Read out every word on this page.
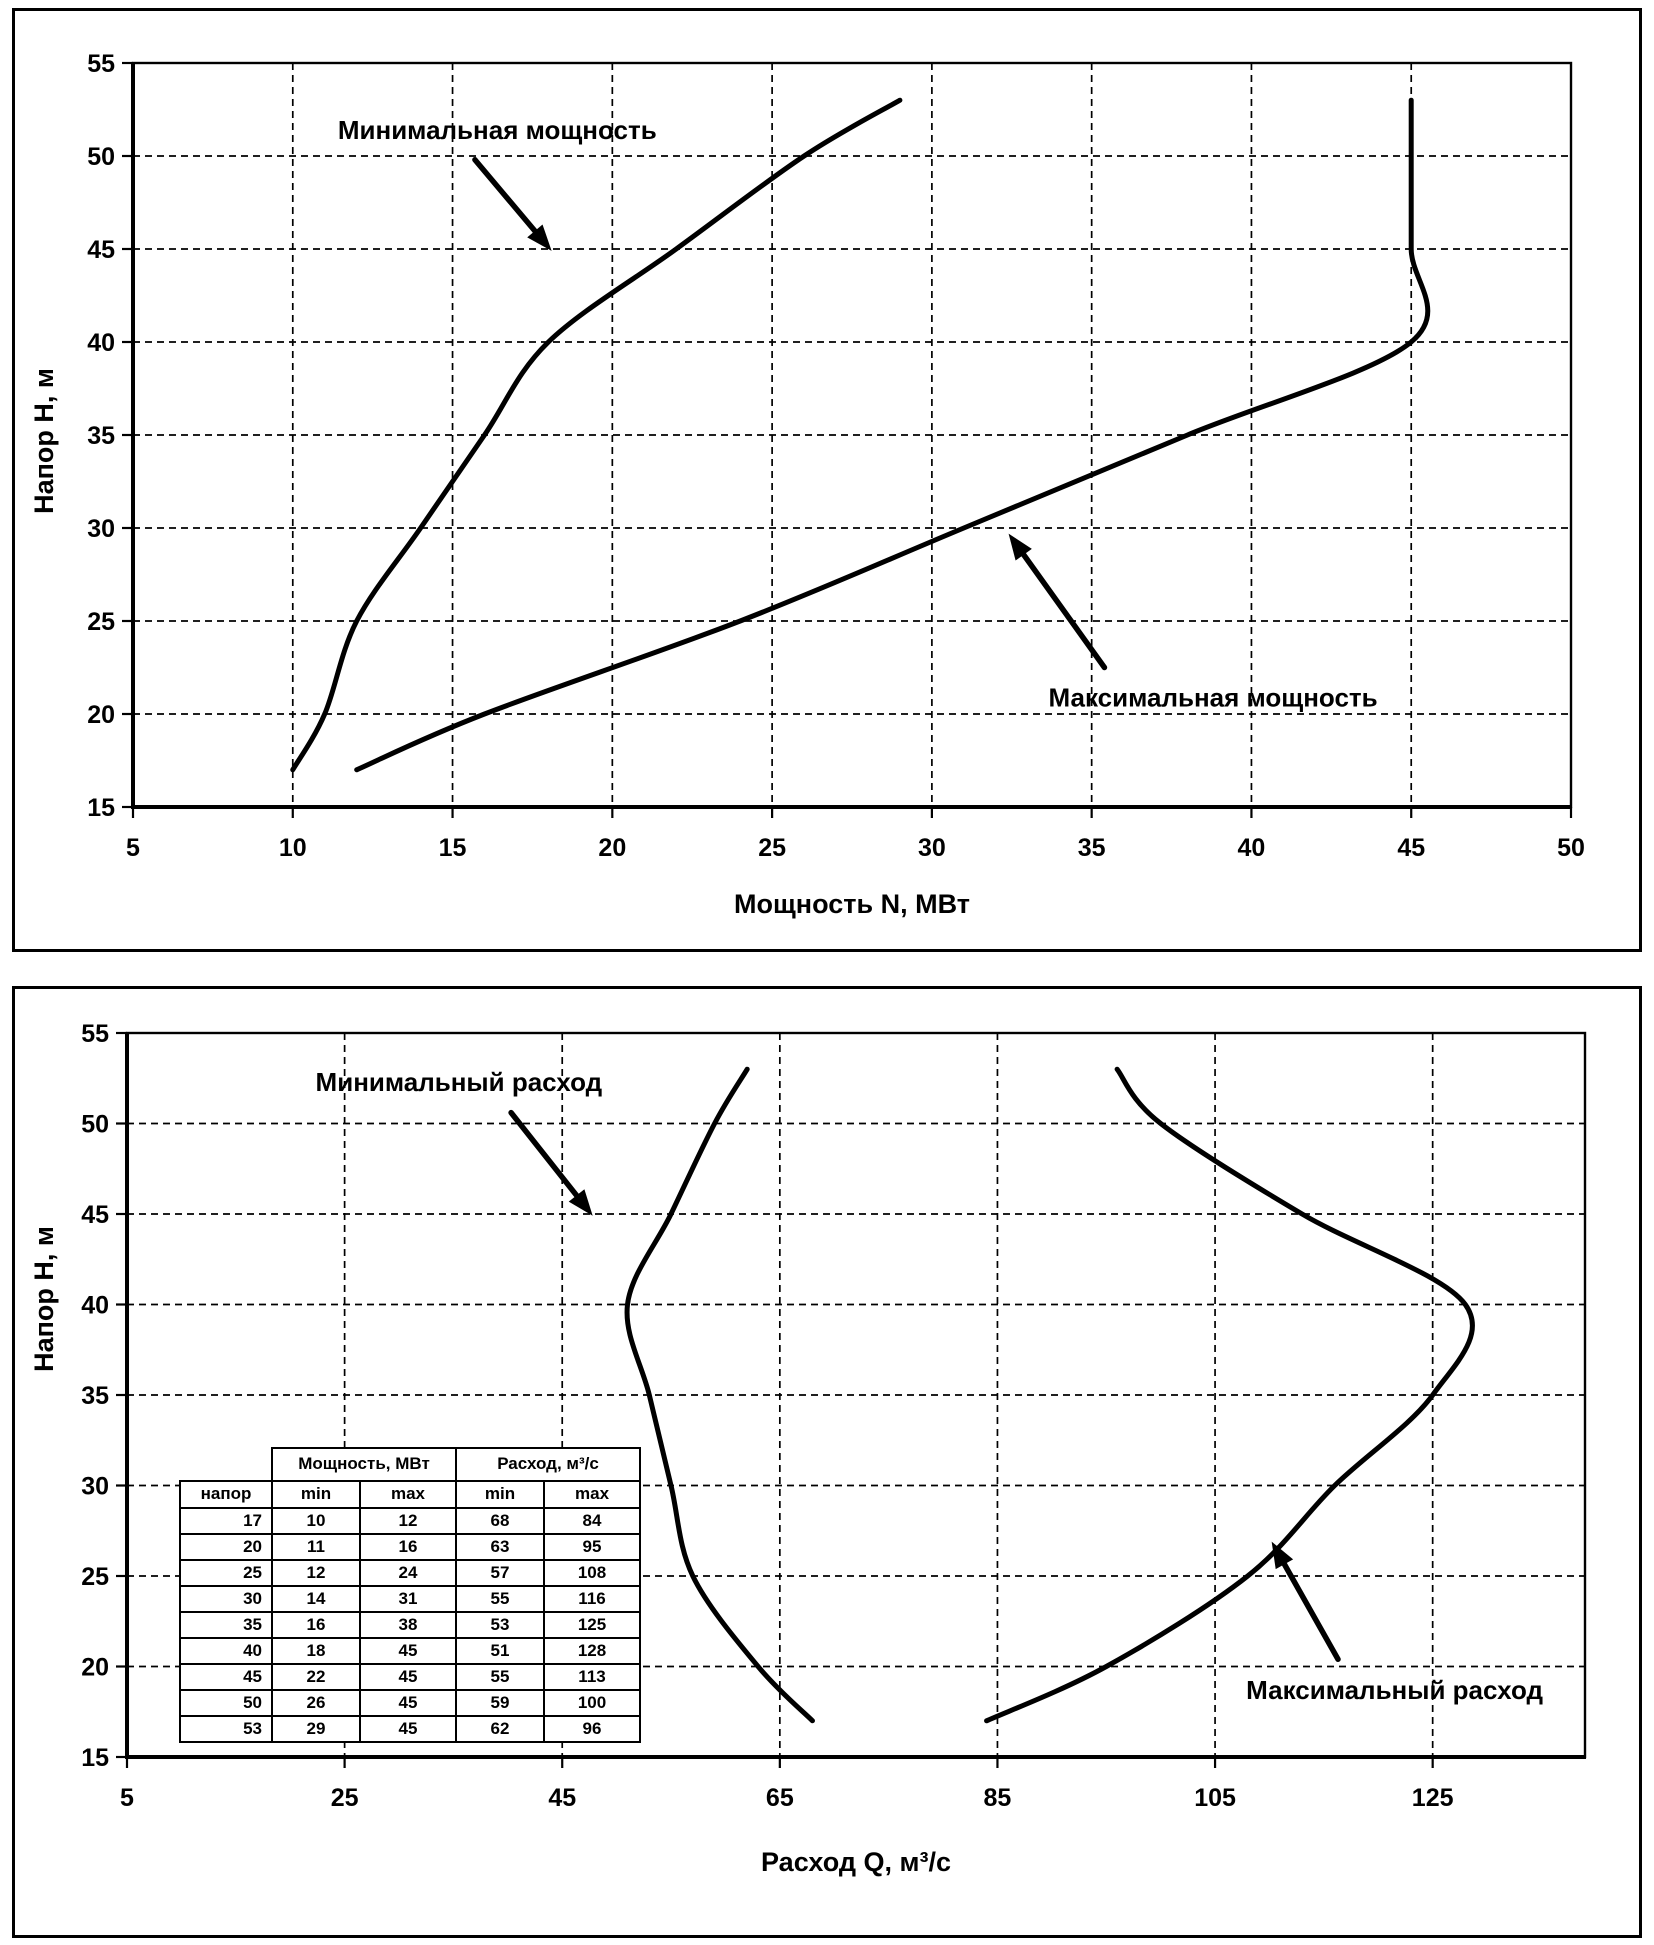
5	10	15	20	25	30	35	40	45	50
15
20
25
30
35
40
45
50
55
Минимальная мощность
Максимальная мощность
Мощность N, МВт
Напор Н, м
5	25	45	65	85	105	125
15
20
25
30
35
40
45
50
55
Минимальный расход
Максимальный расход
Расход Q, м³/с
Напор Н, м
	Мощность, МВт		Расход, м³/с	
напор	min	max	min	max
17	10	12	68	84
20	11	16	63	95
25	12	24	57	108
30	14	31	55	116
35	16	38	53	125
40	18	45	51	128
45	22	45	55	113
50	26	45	59	100
53	29	45	62	96
